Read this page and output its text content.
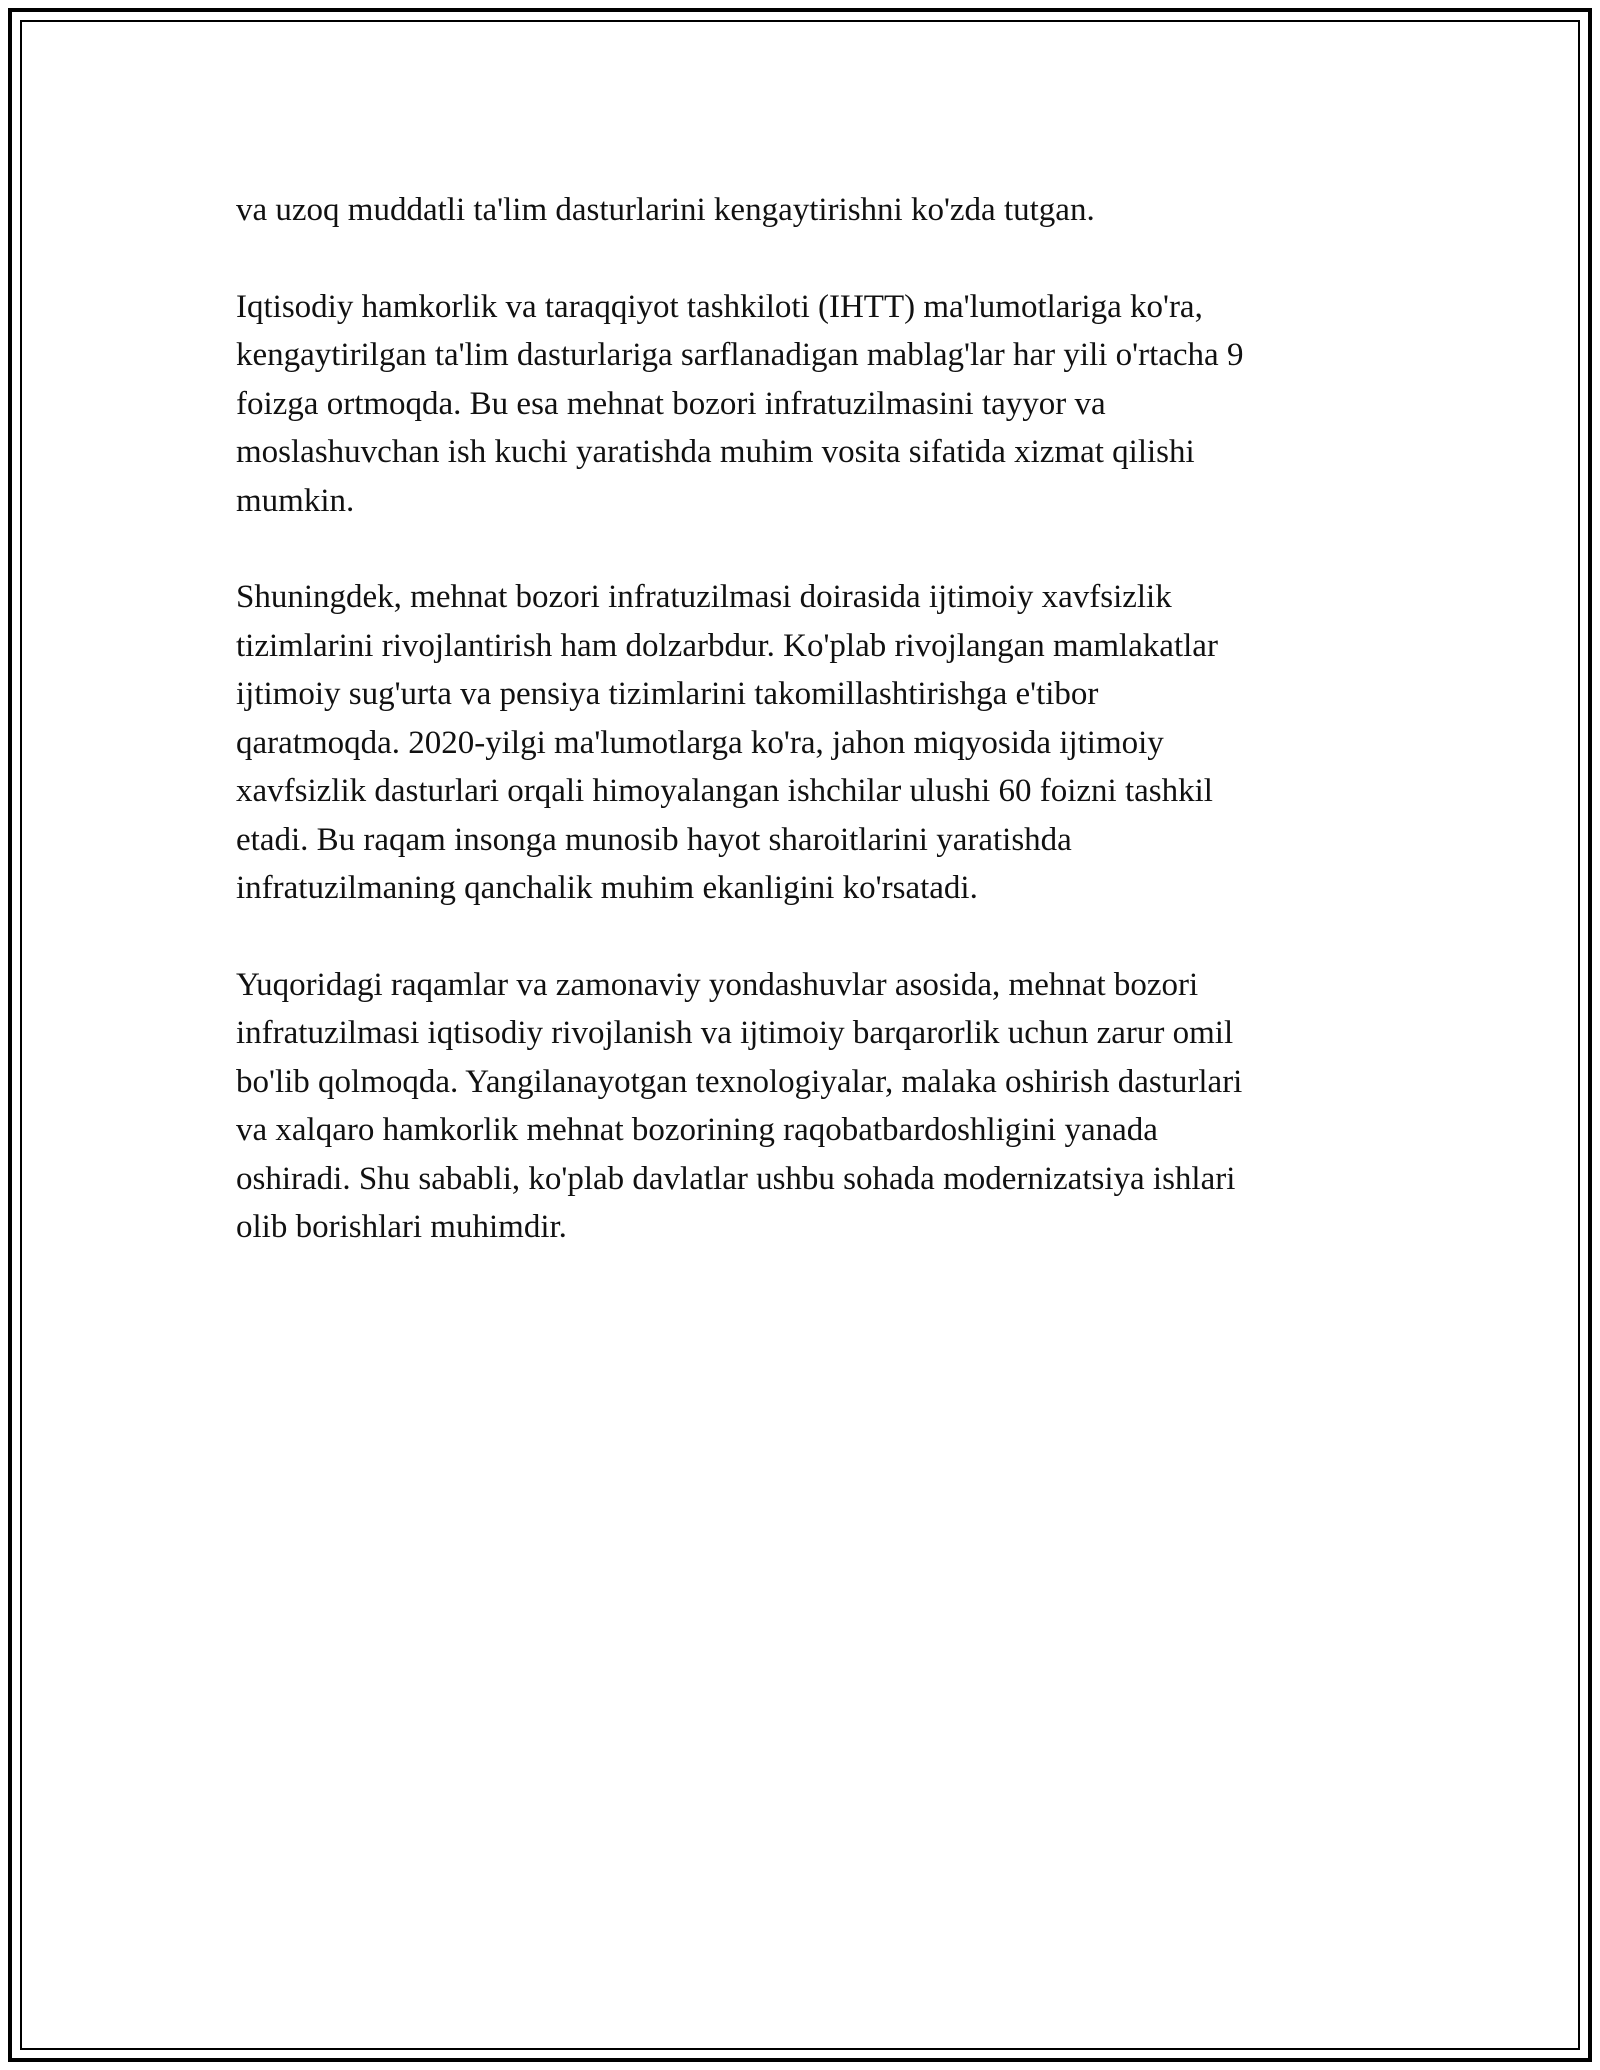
va uzoq muddatli ta'lim dasturlarini kengaytirishni ko'zda tutgan.

Iqtisodiy hamkorlik va taraqqiyot tashkiloti (IHTT) ma'lumotlariga ko'ra,
kengaytirilgan ta'lim dasturlariga sarflanadigan mablag'lar har yili o'rtacha 9
foizga ortmoqda. Bu esa mehnat bozori infratuzilmasini tayyor va
moslashuvchan ish kuchi yaratishda muhim vosita sifatida xizmat qilishi
mumkin.

Shuningdek, mehnat bozori infratuzilmasi doirasida ijtimoiy xavfsizlik
tizimlarini rivojlantirish ham dolzarbdur. Ko'plab rivojlangan mamlakatlar
ijtimoiy sug'urta va pensiya tizimlarini takomillashtirishga e'tibor
qaratmoqda. 2020-yilgi ma'lumotlarga ko'ra, jahon miqyosida ijtimoiy
xavfsizlik dasturlari orqali himoyalangan ishchilar ulushi 60 foizni tashkil
etadi. Bu raqam insonga munosib hayot sharoitlarini yaratishda
infratuzilmaning qanchalik muhim ekanligini ko'rsatadi.

Yuqoridagi raqamlar va zamonaviy yondashuvlar asosida, mehnat bozori
infratuzilmasi iqtisodiy rivojlanish va ijtimoiy barqarorlik uchun zarur omil
bo'lib qolmoqda. Yangilanayotgan texnologiyalar, malaka oshirish dasturlari
va xalqaro hamkorlik mehnat bozorining raqobatbardoshligini yanada
oshiradi. Shu sababli, ko'plab davlatlar ushbu sohada modernizatsiya ishlari
olib borishlari muhimdir.
